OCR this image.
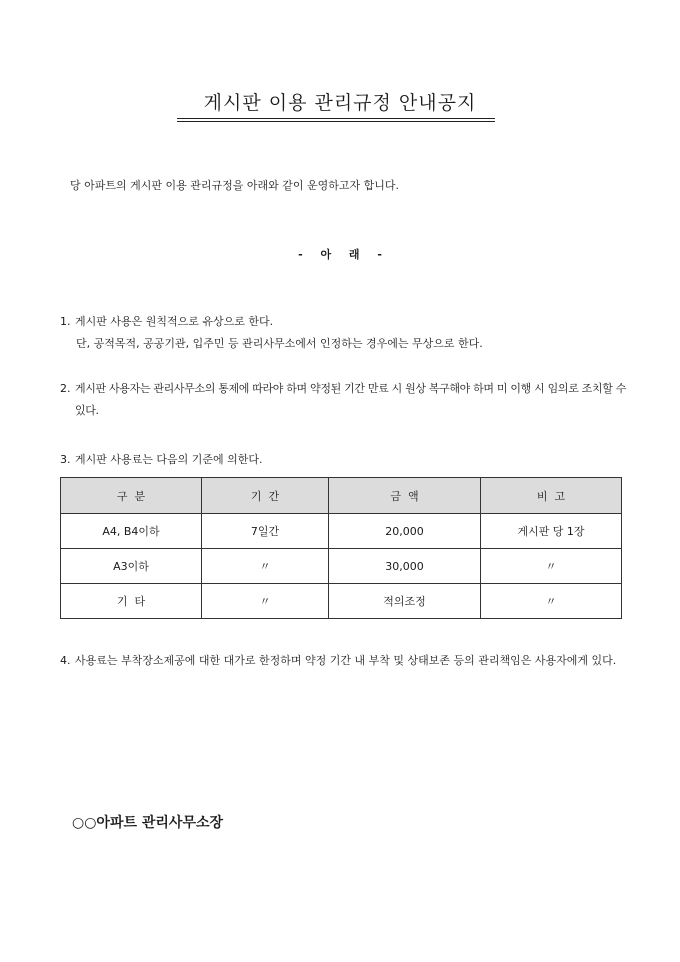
게시판 이용 관리규정 안내공지
당 아파트의 게시판 이용 관리규정을 아래와 같이 운영하고자 합니다.
- 아 래 -
1. 게시판 사용은 원칙적으로 유상으로 한다.
단, 공적목적, 공공기관, 입주민 등 관리사무소에서 인정하는 경우에는 무상으로 한다.
2. 게시판 사용자는 관리사무소의 통제에 따라야 하며 약정된 기간 만료 시 원상 복구해야 하며 미 이행 시 임의로 조치할 수 있다.
3. 게시판 사용료는 다음의 기준에 의한다.
구  분	기  간	금  액	비  고
A4, B4이하	7일간	20,000	게시판 당 1장
A3이하	〃	30,000	〃
기  타	〃	적의조정	〃
4. 사용료는 부착장소제공에 대한 대가로 한정하며 약정 기간 내 부착 및 상태보존 등의 관리책임은 사용자에게 있다.
○○아파트 관리사무소장
